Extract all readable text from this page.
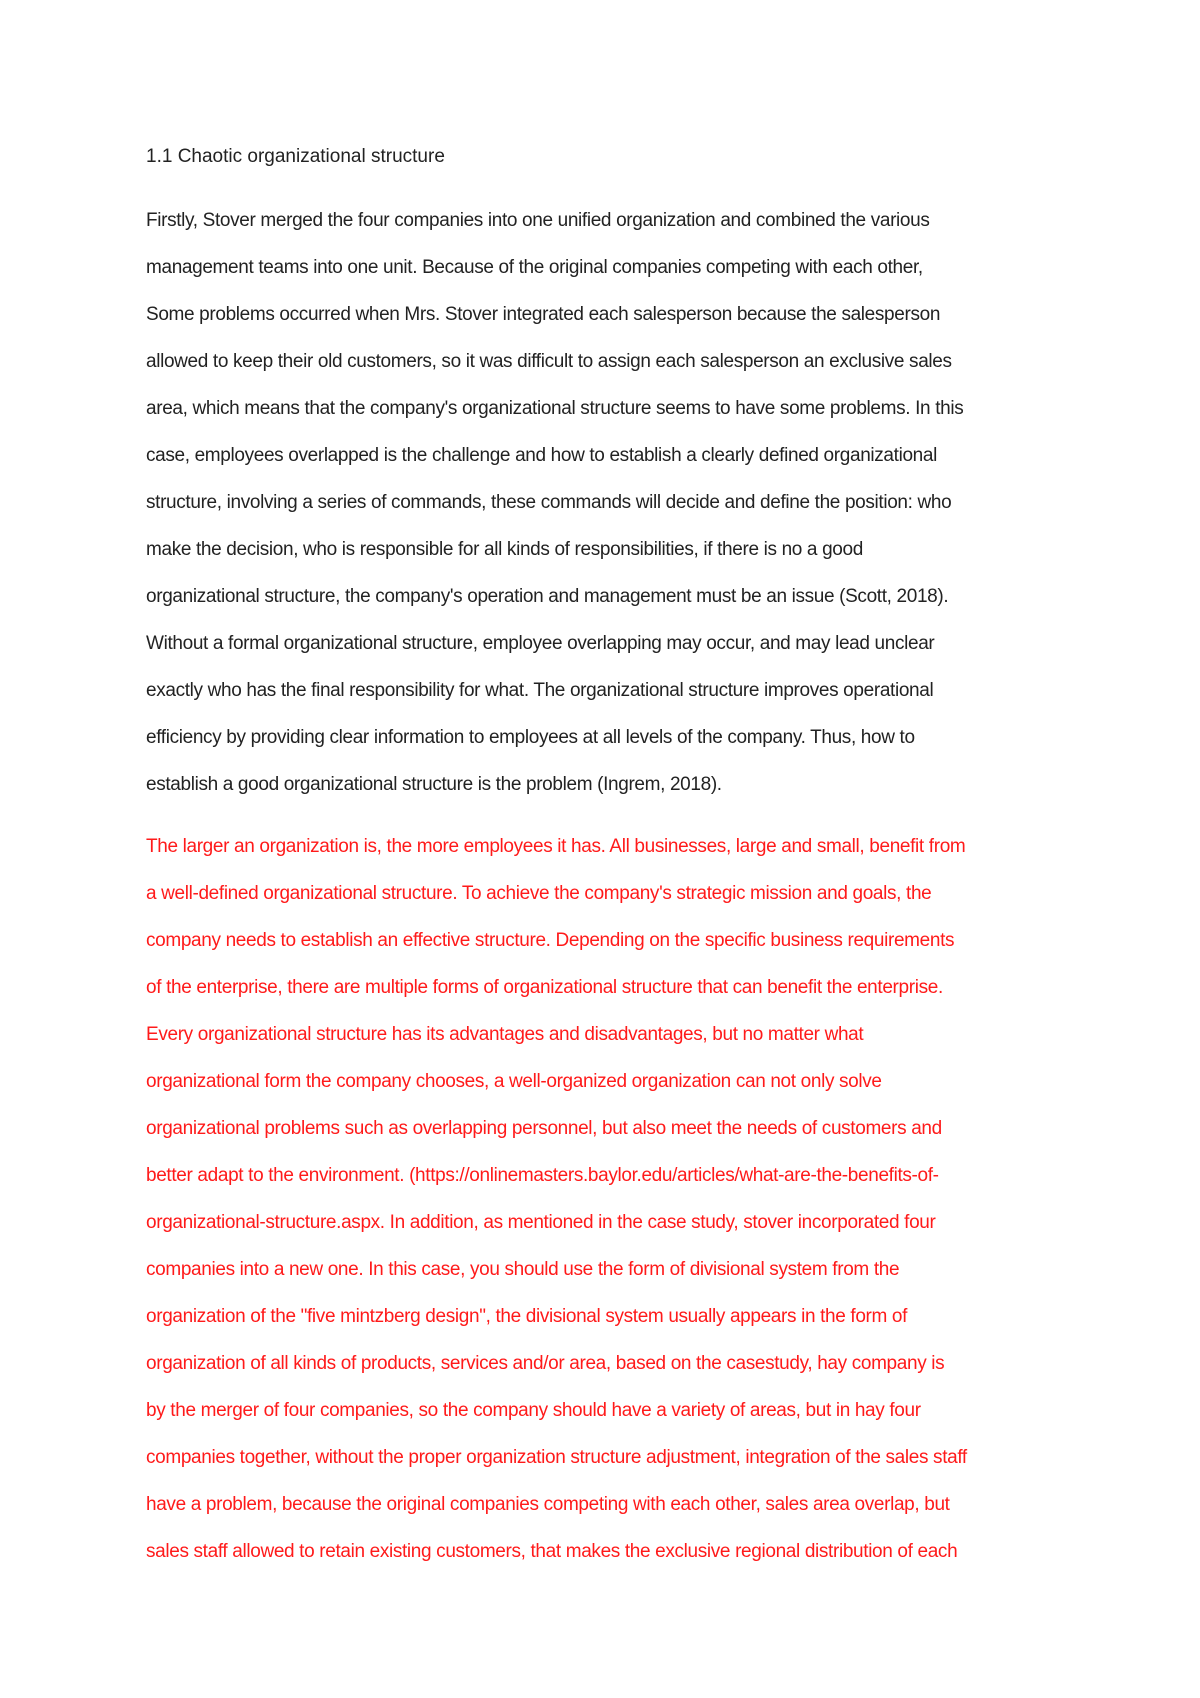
1.1 Chaotic organizational structure
Firstly, Stover merged the four companies into one unified organization and combined the various
management teams into one unit. Because of the original companies competing with each other,
Some problems occurred when Mrs. Stover integrated each salesperson because the salesperson
allowed to keep their old customers, so it was difficult to assign each salesperson an exclusive sales
area, which means that the company's organizational structure seems to have some problems. In this
case, employees overlapped is the challenge and how to establish a clearly defined organizational
structure, involving a series of commands, these commands will decide and define the position: who
make the decision, who is responsible for all kinds of responsibilities, if there is no a good
organizational structure, the company's operation and management must be an issue (Scott, 2018).
Without a formal organizational structure, employee overlapping may occur, and may lead unclear
exactly who has the final responsibility for what. The organizational structure improves operational
efficiency by providing clear information to employees at all levels of the company. Thus, how to
establish a good organizational structure is the problem (Ingrem, 2018).
The larger an organization is, the more employees it has. All businesses, large and small, benefit from
a well-defined organizational structure. To achieve the company's strategic mission and goals, the
company needs to establish an effective structure. Depending on the specific business requirements
of the enterprise, there are multiple forms of organizational structure that can benefit the enterprise.
Every organizational structure has its advantages and disadvantages, but no matter what
organizational form the company chooses, a well-organized organization can not only solve
organizational problems such as overlapping personnel, but also meet the needs of customers and
better adapt to the environment. (https://onlinemasters.baylor.edu/articles/what-are-the-benefits-of-
organizational-structure.aspx. In addition, as mentioned in the case study, stover incorporated four
companies into a new one. In this case, you should use the form of divisional system from the
organization of the "five mintzberg design", the divisional system usually appears in the form of
organization of all kinds of products, services and/or area, based on the casestudy, hay company is
by the merger of four companies, so the company should have a variety of areas, but in hay four
companies together, without the proper organization structure adjustment, integration of the sales staff
have a problem, because the original companies competing with each other, sales area overlap, but
sales staff allowed to retain existing customers, that makes the exclusive regional distribution of each
